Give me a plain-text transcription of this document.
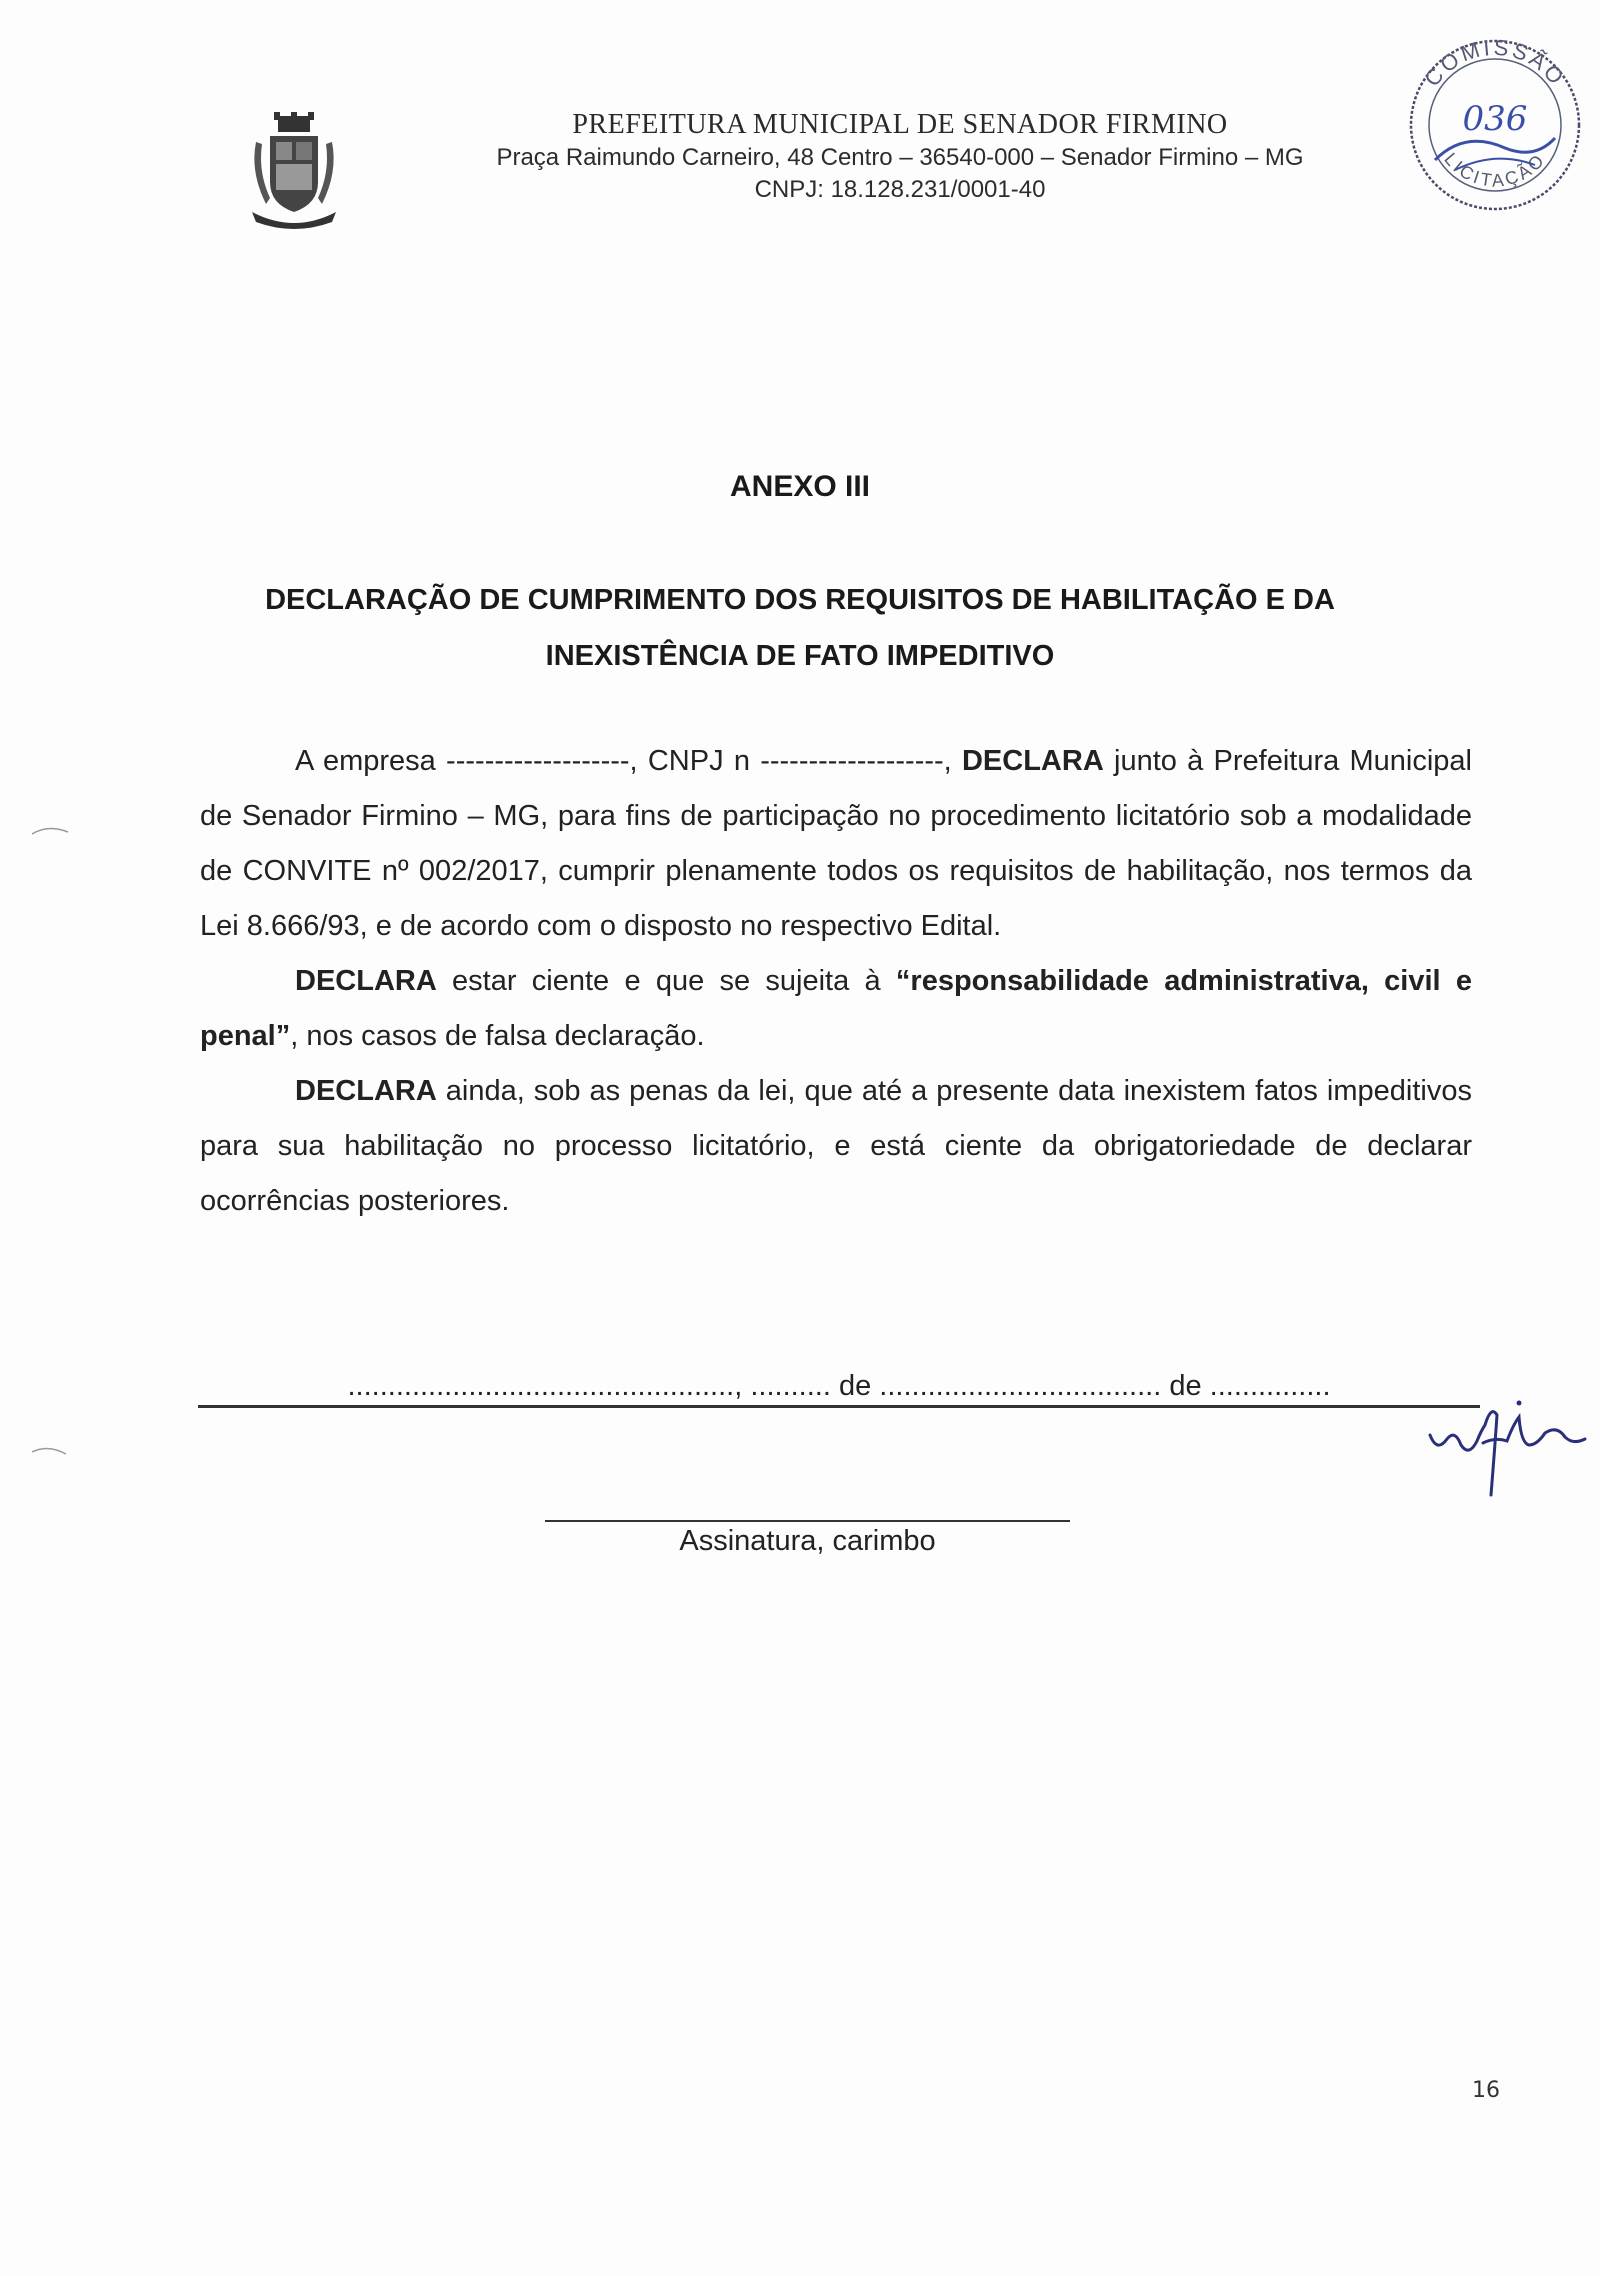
PREFEITURA MUNICIPAL DE SENADOR FIRMINO
Praça Raimundo Carneiro, 48 Centro – 36540-000 – Senador Firmino – MG
CNPJ: 18.128.231/0001-40
COMISSÃO
LICITAÇÃO
036
ANEXO III
DECLARAÇÃO DE CUMPRIMENTO DOS REQUISITOS DE HABILITAÇÃO E DA
INEXISTÊNCIA DE FATO IMPEDITIVO

A empresa -------------------, CNPJ n -------------------, DECLARA junto à Prefeitura Municipal de Senador Firmino – MG, para fins de participação no procedimento licitatório sob a modalidade de CONVITE nº 002/2017, cumprir plenamente todos os requisitos de habilitação, nos termos da Lei 8.666/93, e de acordo com o disposto no respectivo Edital.

DECLARA estar ciente e que se sujeita à “responsabilidade administrativa, civil e penal”, nos casos de falsa declaração.

DECLARA ainda, sob as penas da lei, que até a presente data inexistem fatos impeditivos para sua habilitação no processo licitatório, e está ciente da obrigatoriedade de declarar ocorrências posteriores.

................................................, .......... de ................................... de ...............
Assinatura, carimbo
16
